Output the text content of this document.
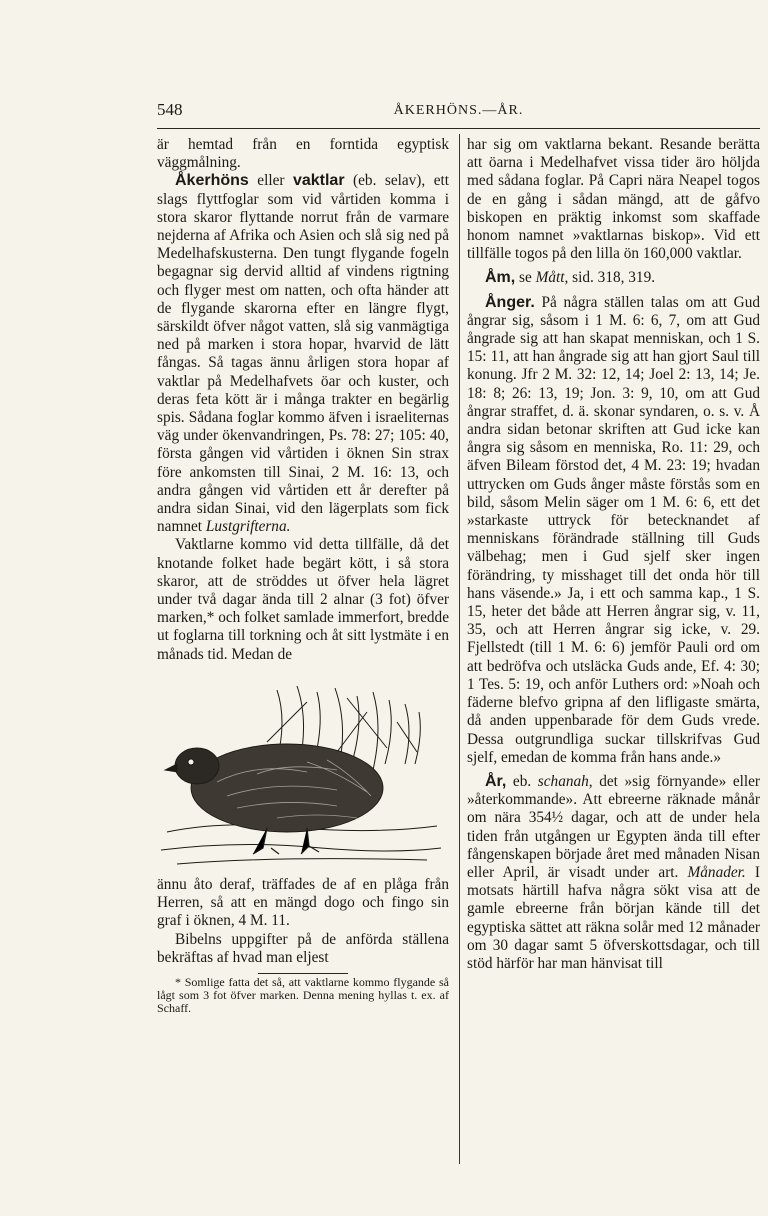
548	ÅKERHÖNS.—ÅR.

är hemtad från en forntida egyptisk väggmålning.

Åkerhöns eller vaktlar (eb. selav), ett slags flyttfoglar som vid vårtiden komma i stora skaror flyttande norrut från de varmare nejderna af Afrika och Asien och slå sig ned på Medelhafskusterna. Den tungt flygande fogeln begagnar sig dervid alltid af vindens rigtning och flyger mest om natten, och ofta händer att de flygande skarorna efter en längre flygt, särskildt öfver något vatten, slå sig vanmägtiga ned på marken i stora hopar, hvarvid de lätt fångas. Så tagas ännu årligen stora hopar af vaktlar på Medelhafvets öar och kuster, och deras feta kött är i många trakter en begärlig spis. Sådana foglar kommo äfven i israeliternas väg under ökenvandringen, Ps. 78: 27; 105: 40, första gången vid vårtiden i öknen Sin strax före ankomsten till Sinai, 2 M. 16: 13, och andra gången vid vårtiden ett år derefter på andra sidan Sinai, vid den lägerplats som fick namnet Lustgrifterna.

Vaktlarne kommo vid detta tillfälle, då det knotande folket hade begärt kött, i så stora skaror, att de ströddes ut öfver hela lägret under två dagar ända till 2 alnar (3 fot) öfver marken,* och folket samlade immerfort, bredde ut foglarna till torkning och åt sitt lystmäte i en månads tid. Medan de

ännu åto deraf, träffades de af en plåga från Herren, så att en mängd dogo och fingo sin graf i öknen, 4 M. 11.

Bibelns uppgifter på de anförda ställena bekräftas af hvad man eljest

* Somlige fatta det så, att vaktlarne kommo flygande så lågt som 3 fot öfver marken. Denna mening hyllas t. ex. af Schaff.

har sig om vaktlarna bekant. Resande berätta att öarna i Medelhafvet vissa tider äro höljda med sådana foglar. På Capri nära Neapel togos de en gång i sådan mängd, att de gåfvo biskopen en präktig inkomst som skaffade honom namnet »vaktlarnas biskop». Vid ett tillfälle togos på den lilla ön 160,000 vaktlar.

Åm, se Mått, sid. 318, 319.

Ånger. På några ställen talas om att Gud ångrar sig, såsom i 1 M. 6: 6, 7, om att Gud ångrade sig att han skapat menniskan, och 1 S. 15: 11, att han ångrade sig att han gjort Saul till konung. Jfr 2 M. 32: 12, 14; Joel 2: 13, 14; Je. 18: 8; 26: 13, 19; Jon. 3: 9, 10, om att Gud ångrar straffet, d. ä. skonar syndaren, o. s. v. Å andra sidan betonar skriften att Gud icke kan ångra sig såsom en menniska, Ro. 11: 29, och äfven Bileam förstod det, 4 M. 23: 19; hvadan uttrycken om Guds ånger måste förstås som en bild, såsom Melin säger om 1 M. 6: 6, ett det »starkaste uttryck för betecknandet af menniskans förändrade ställning till Guds välbehag; men i Gud sjelf sker ingen förändring, ty misshaget till det onda hör till hans väsende.» Ja, i ett och samma kap., 1 S. 15, heter det både att Herren ångrar sig, v. 11, 35, och att Herren ångrar sig icke, v. 29. Fjellstedt (till 1 M. 6: 6) jemför Pauli ord om att bedröfva och utsläcka Guds ande, Ef. 4: 30; 1 Tes. 5: 19, och anför Luthers ord: »Noah och fäderne blefvo gripna af den lifligaste smärta, då anden uppenbarade för dem Guds vrede. Dessa outgrundliga suckar tillskrifvas Gud sjelf, emedan de komma från hans ande.»

År, eb. schanah, det »sig förnyande» eller »återkommande». Att ebreerne räknade månår om nära 354½ dagar, och att de under hela tiden från utgången ur Egypten ända till efter fångenskapen började året med månaden Nisan eller April, är visadt under art. Månader. I motsats härtill hafva några sökt visa att de gamle ebreerne från början kände till det egyptiska sättet att räkna solår med 12 månader om 30 dagar samt 5 öfverskottsdagar, och till stöd härför har man hänvisat till
